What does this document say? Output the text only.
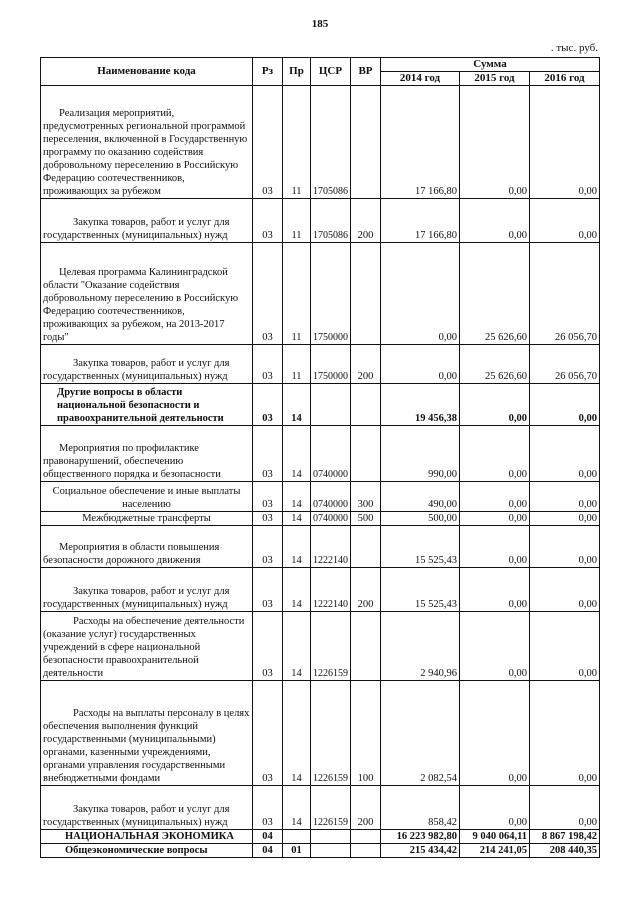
185
. тыс. руб.
Наименование кода	Рз	Пр	ЦСР	ВР	Сумма		
					2014 год	2015 год	2016 год

Реализация мероприятий, предусмотренных региональной программой переселения, включенной в Государственную программу по оказанию содействия добровольному переселению в Российскую Федерацию соотечественников, проживающих за рубежом	03	11	1705086		17 166,80	0,00	0,00

Закупка товаров, работ и услуг для государственных (муниципальных) нужд	03	11	1705086	200	17 166,80	0,00	0,00

Целевая программа Калининградской области "Оказание содействия добровольному переселению в Российскую Федерацию соотечественников, проживающих за рубежом, на 2013-2017 годы"	03	11	1750000		0,00	25 626,60	26 056,70

Закупка товаров, работ и услуг для государственных (муниципальных) нужд	03	11	1750000	200	0,00	25 626,60	26 056,70

Другие вопросы в области национальной безопасности и правоохранительной деятельности	03	14			19 456,38	0,00	0,00

Мероприятия по профилактике правонарушений, обеспечению общественного порядка и безопасности	03	14	0740000		990,00	0,00	0,00
Социальное обеспечение и иные выплаты населению	03	14	0740000	300	490,00	0,00	0,00
Межбюджетные трансферты	03	14	0740000	500	500,00	0,00	0,00

Мероприятия в области повышения безопасности дорожного движения	03	14	1222140		15 525,43	0,00	0,00

Закупка товаров, работ и услуг для государственных (муниципальных) нужд	03	14	1222140	200	15 525,43	0,00	0,00

Расходы на обеспечение деятельности (оказание услуг) государственных учреждений в сфере национальной безопасности правоохранительной деятельности	03	14	1226159		2 940,96	0,00	0,00

Расходы на выплаты персоналу в целях обеспечения выполнения функций государственными (муниципальными) органами, казенными учреждениями, органами управления государственными внебюджетными фондами	03	14	1226159	100	2 082,54	0,00	0,00

Закупка товаров, работ и услуг для государственных (муниципальных) нужд	03	14	1226159	200	858,42	0,00	0,00

НАЦИОНАЛЬНАЯ ЭКОНОМИКА	04				16 223 982,80	9 040 064,11	8 867 198,42

Общеэкономические вопросы	04	01			215 434,42	214 241,05	208 440,35
